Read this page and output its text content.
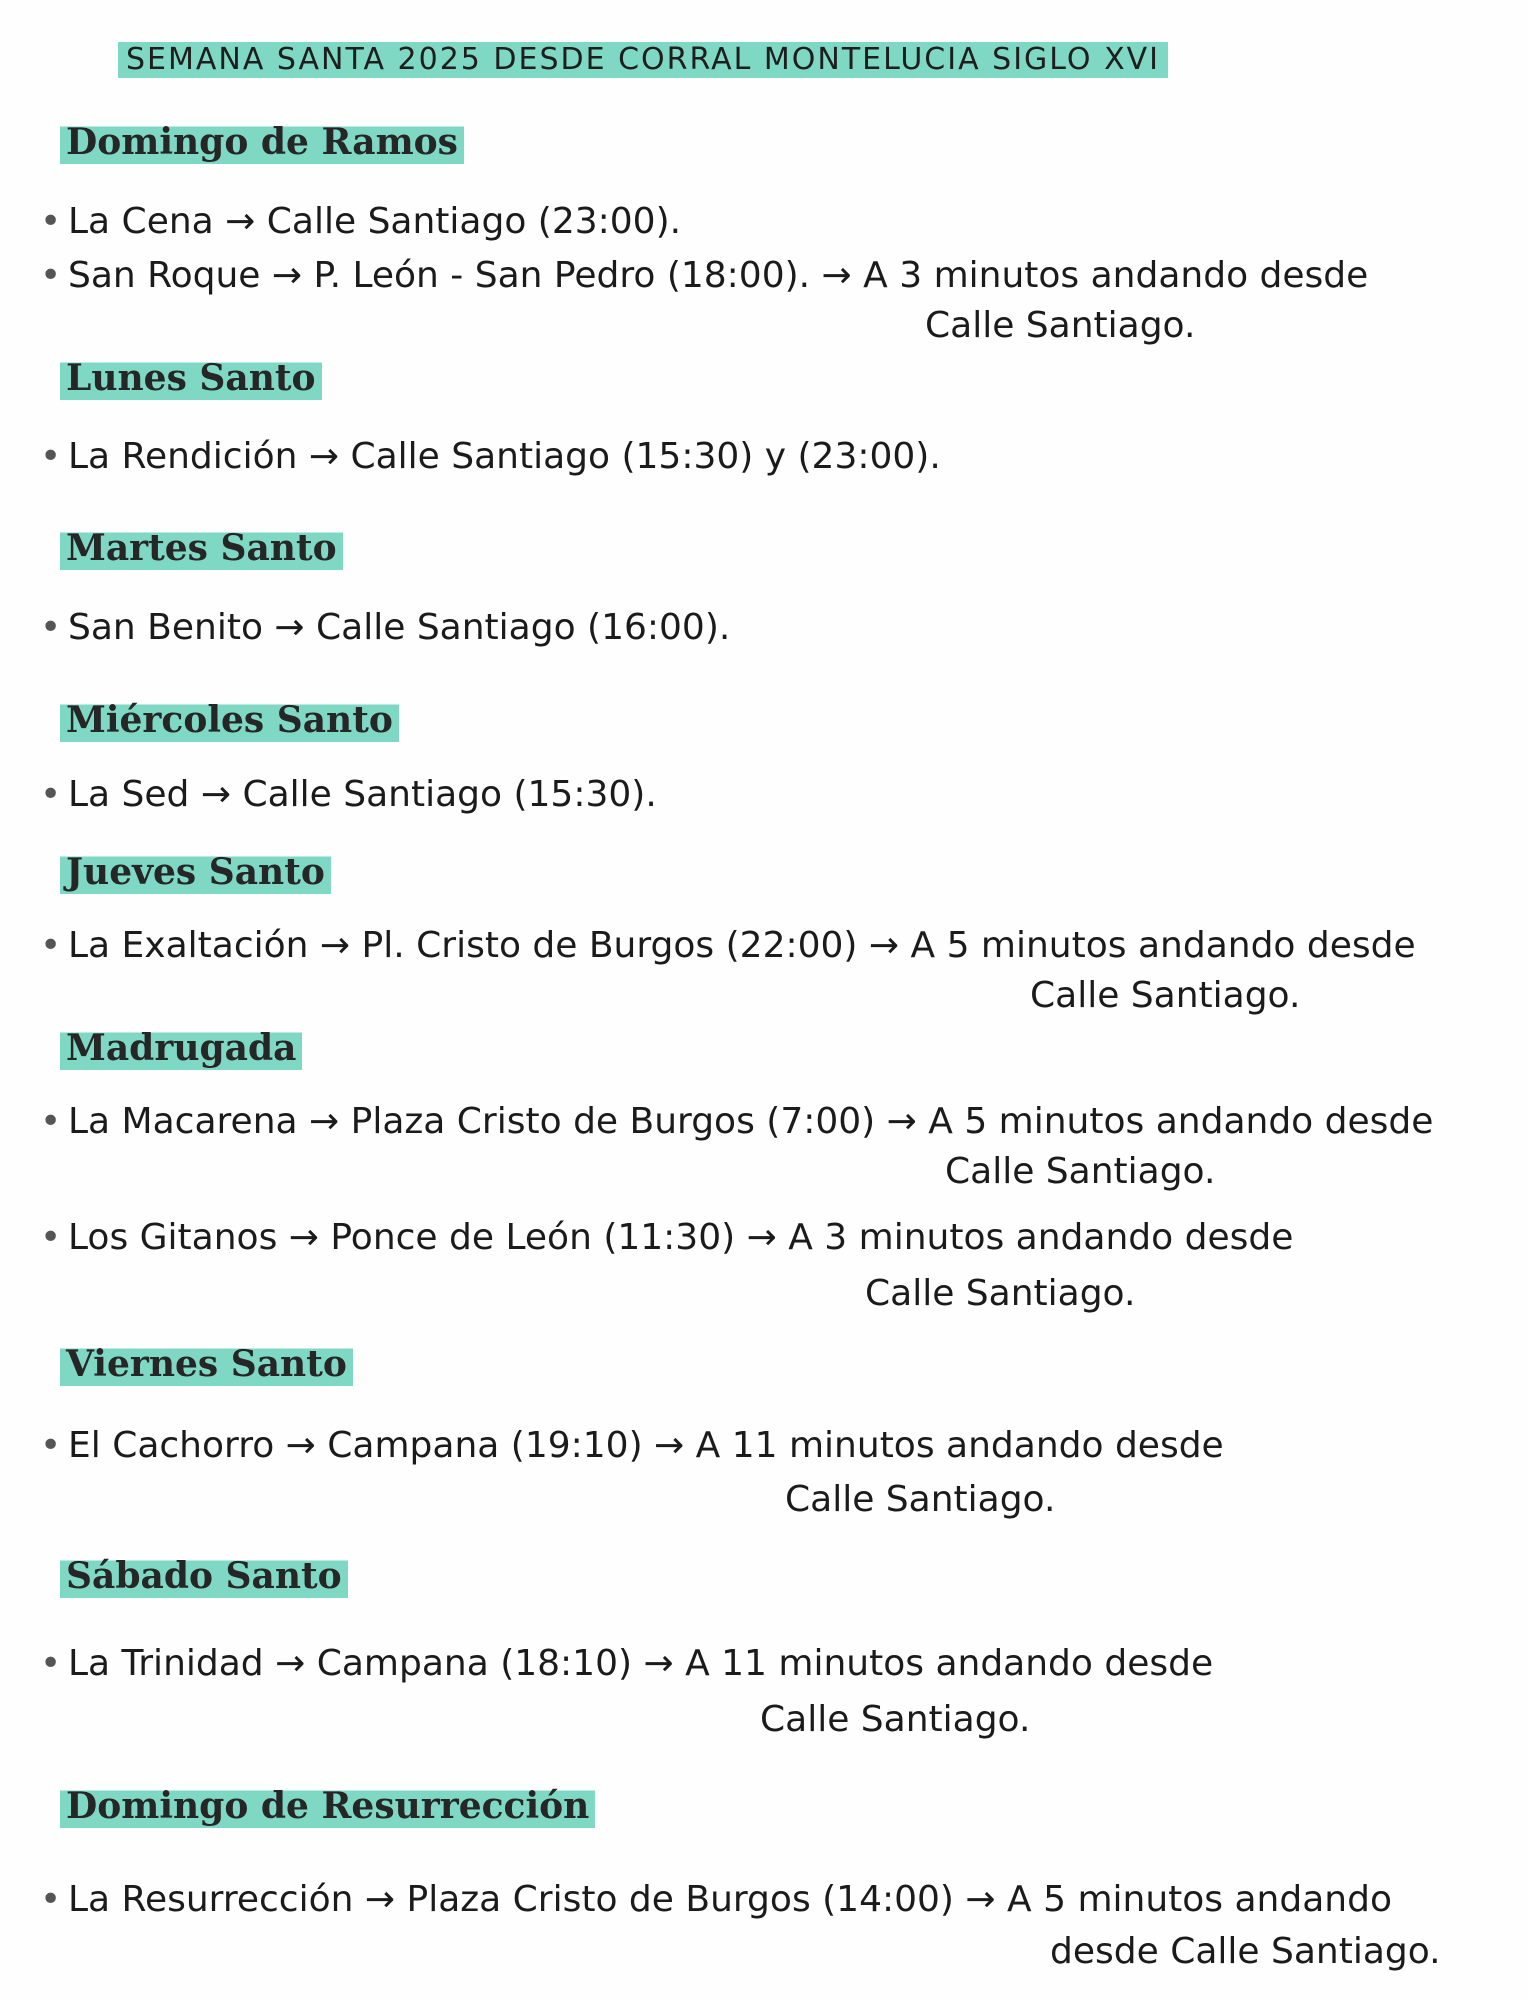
SEMANA SANTA 2025 DESDE CORRAL MONTELUCIA SIGLO XVI
Domingo de Ramos
• La Cena → Calle Santiago (23:00).
• San Roque → P. León - San Pedro (18:00). → A 3 minutos andando desde
Calle Santiago.
Lunes Santo
• La Rendición → Calle Santiago (15:30) y (23:00).
Martes Santo
• San Benito → Calle Santiago (16:00).
Miércoles Santo
• La Sed → Calle Santiago (15:30).
Jueves Santo
• La Exaltación → Pl. Cristo de Burgos (22:00) → A 5 minutos andando desde
Calle Santiago.
Madrugada
• La Macarena → Plaza Cristo de Burgos (7:00) → A 5 minutos andando desde
Calle Santiago.
• Los Gitanos → Ponce de León (11:30) → A 3 minutos andando desde
Calle Santiago.
Viernes Santo
• El Cachorro → Campana (19:10) → A 11 minutos andando desde
Calle Santiago.
Sábado Santo
• La Trinidad → Campana (18:10) → A 11 minutos andando desde
Calle Santiago.
Domingo de Resurrección
• La Resurrección → Plaza Cristo de Burgos (14:00) → A 5 minutos andando
desde Calle Santiago.
